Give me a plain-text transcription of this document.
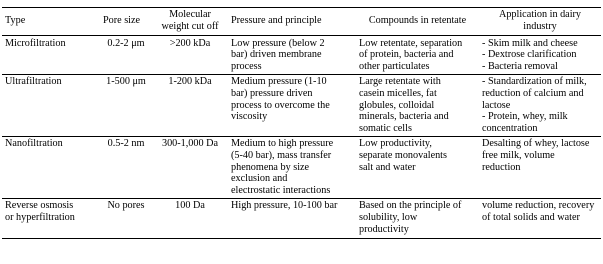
Type	Pore size	Molecular
weight cut off	Pressure and principle	Compounds in retentate	Application in dairy
industry

Microfiltration	0.2-2 μm	>200 kDa	Low pressure (below 2
bar) driven membrane
process	Low retentate, separation
of protein, bacteria and
other particulates	- Skim milk and cheese
- Dextrose clarification
- Bacteria removal

Ultrafiltration	1-500 μm	1-200 kDa	Medium pressure (1-10
bar) pressure driven
process to overcome the
viscosity	Large retentate with
casein micelles, fat
globules, colloidal
minerals, bacteria and
somatic cells	- Standardization of milk,
reduction of calcium and
lactose
- Protein, whey, milk
concentration

Nanofiltration	0.5-2 nm	300-1,000 Da	Medium to high pressure
(5-40 bar), mass transfer
phenomena by size
exclusion and
electrostatic interactions	Low productivity,
separate monovalents
salt and water	Desalting of whey, lactose
free milk, volume
reduction

Reverse osmosis
or hyperfiltration	No pores	100 Da	High pressure, 10-100 bar	Based on the principle of
solubility, low
productivity	volume reduction, recovery
of total solids and water
